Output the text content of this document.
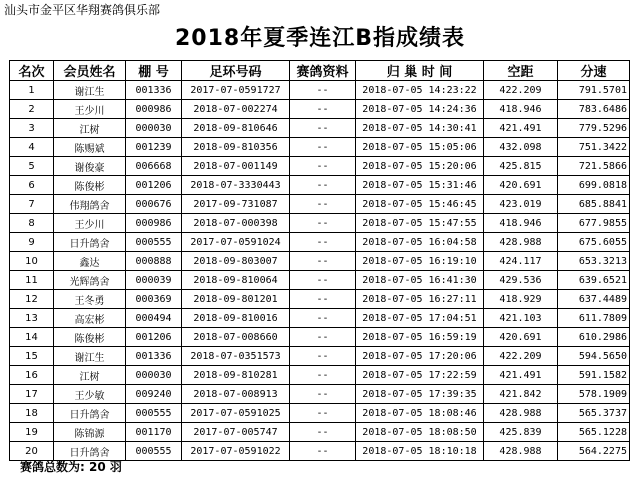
汕头市金平区华翔赛鸽俱乐部
2018年夏季连江B指成绩表
名次	会员姓名	棚 号	足环号码	赛鸽资料	归 巢 时 间	空距	分速
1	谢江生	001336	2017-07-0591727	--	2018-07-05 14:23:22	422.209	791.5701
2	王少川	000986	2018-07-002274	--	2018-07-05 14:24:36	418.946	783.6486
3	江树	000030	2018-09-810646	--	2018-07-05 14:30:41	421.491	779.5296
4	陈赐斌	001239	2018-09-810356	--	2018-07-05 15:05:06	432.098	751.3422
5	谢俊豪	006668	2018-07-001149	--	2018-07-05 15:20:06	425.815	721.5866
6	陈俊彬	001206	2018-07-3330443	--	2018-07-05 15:31:46	420.691	699.0818
7	伟翔鸽舍	000676	2017-09-731087	--	2018-07-05 15:46:45	423.019	685.8841
8	王少川	000986	2018-07-000398	--	2018-07-05 15:47:55	418.946	677.9855
9	日升鸽舍	000555	2017-07-0591024	--	2018-07-05 16:04:58	428.988	675.6055
10	鑫达	000888	2018-09-803007	--	2018-07-05 16:19:10	424.117	653.3213
11	光辉鸽舍	000039	2018-09-810064	--	2018-07-05 16:41:30	429.536	639.6521
12	王冬勇	000369	2018-09-801201	--	2018-07-05 16:27:11	418.929	637.4489
13	高宏彬	000494	2018-09-810016	--	2018-07-05 17:04:51	421.103	611.7809
14	陈俊彬	001206	2018-07-008660	--	2018-07-05 16:59:19	420.691	610.2986
15	谢江生	001336	2018-07-0351573	--	2018-07-05 17:20:06	422.209	594.5650
16	江树	000030	2018-09-810281	--	2018-07-05 17:22:59	421.491	591.1582
17	王少敏	009240	2018-07-008913	--	2018-07-05 17:39:35	421.842	578.1909
18	日升鸽舍	000555	2017-07-0591025	--	2018-07-05 18:08:46	428.988	565.3737
19	陈锦源	001170	2017-07-005747	--	2018-07-05 18:08:50	425.839	565.1228
20	日升鸽舍	000555	2017-07-0591022	--	2018-07-05 18:10:18	428.988	564.2275
赛鸽总数为: 20 羽
